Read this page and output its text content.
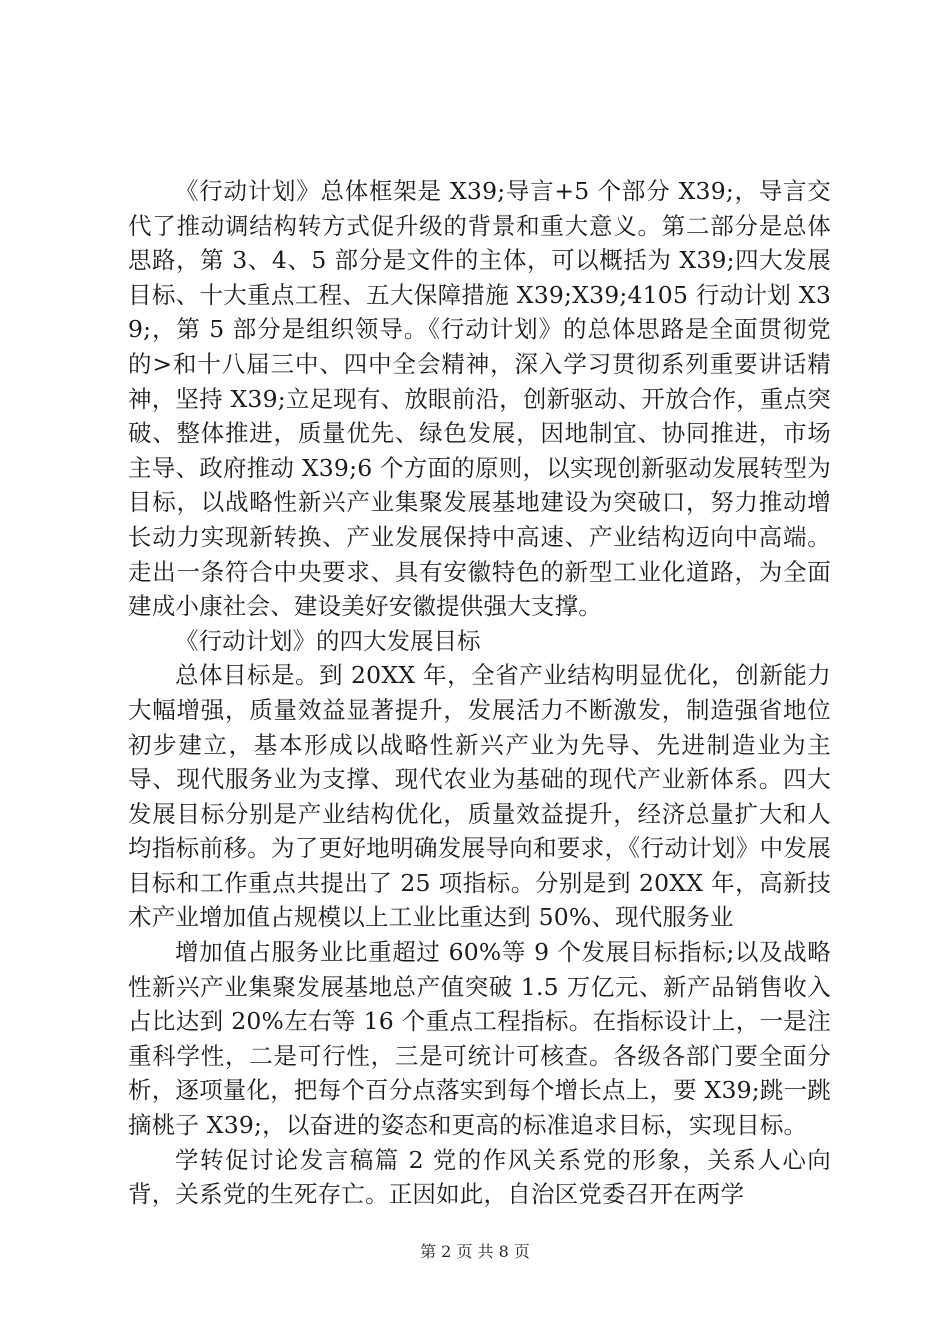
《行动计划》总体框架是 X39;导言+5 个部分 X39;，导言交代了推动调结构转方式促升级的背景和重大意义。第二部分是总体思路，第 3、4、5 部分是文件的主体，可以概括为 X39;四大发展目标、十大重点工程、五大保障措施 X39;X39;4105 行动计划 X39;，第 5 部分是组织领导。《行动计划》的总体思路是全面贯彻党的>和十八届三中、四中全会精神，深入学习贯彻系列重要讲话精神，坚持 X39;立足现有、放眼前沿，创新驱动、开放合作，重点突破、整体推进，质量优先、绿色发展，因地制宜、协同推进，市场主导、政府推动 X39;6 个方面的原则，以实现创新驱动发展转型为目标，以战略性新兴产业集聚发展基地建设为突破口，努力推动增长动力实现新转换、产业发展保持中高速、产业结构迈向中高端。走出一条符合中央要求、具有安徽特色的新型工业化道路，为全面建成小康社会、建设美好安徽提供强大支撑。

《行动计划》的四大发展目标

总体目标是。到 20XX 年，全省产业结构明显优化，创新能力大幅增强，质量效益显著提升，发展活力不断激发，制造强省地位初步建立，基本形成以战略性新兴产业为先导、先进制造业为主导、现代服务业为支撑、现代农业为基础的现代产业新体系。四大发展目标分别是产业结构优化，质量效益提升，经济总量扩大和人均指标前移。为了更好地明确发展导向和要求，《行动计划》中发展目标和工作重点共提出了 25 项指标。分别是到 20XX 年，高新技术产业增加值占规模以上工业比重达到 50%、现代服务业

增加值占服务业比重超过 60%等 9 个发展目标指标;以及战略性新兴产业集聚发展基地总产值突破 1.5 万亿元、新产品销售收入占比达到 20%左右等 16 个重点工程指标。在指标设计上，一是注重科学性，二是可行性，三是可统计可核查。各级各部门要全面分析，逐项量化，把每个百分点落实到每个增长点上，要 X39;跳一跳摘桃子 X39;，以奋进的姿态和更高的标准追求目标，实现目标。

学转促讨论发言稿篇 2 党的作风关系党的形象，关系人心向背，关系党的生死存亡。正因如此，自治区党委召开在两学

第 2 页 共 8 页
